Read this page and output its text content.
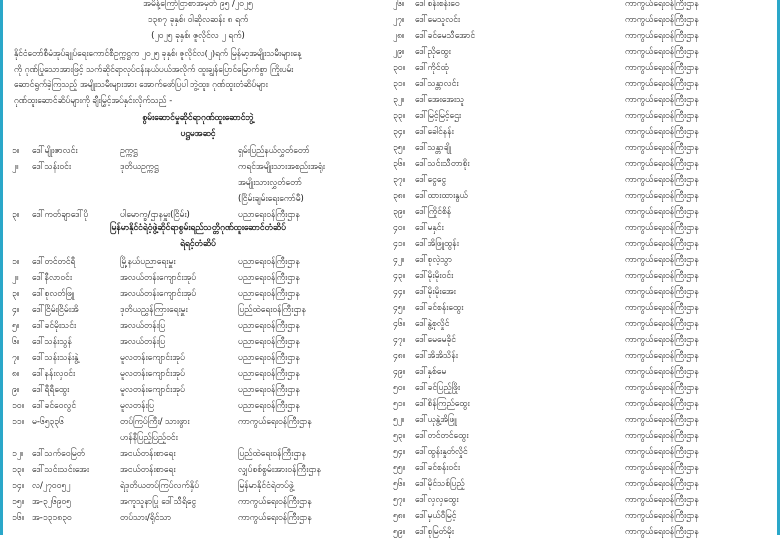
အမိန့်ကြော်ငြာစာအမှတ် ၉၅ /၂၀၂၅
၁၃၈၇ ခုနှစ်၊ ဝါဆိုလဆန်း ၈ ရက်
(၂၀၂၅ ခုနှစ်၊ ဇူလိုင်လ ၂ ရက်)
နိုင်ငံတော်စီမံအုပ်ချုပ်ရေးကောင်စီဥက္ကဋ္ဌက ၂၀၂၅ ခုနှစ်၊ ဇူလိုင်လ(၂)ရက် မြန်မာ့အမျိုးသမီးများနေ့
ကို ဂုဏ်ပြုသောအားဖြင့် သက်ဆိုင်ရာလုပ်ငန်းနယ်ပယ်အလိုက် ထူးချွန်ပြောင်မြောက်စွာ ကြိုးပမ်း
ဆောင်ရွက်ခဲ့ကြသည့် အမျိုးသမီးများအား အောက်ဖော်ပြပါ ဘွဲ့ထူး၊ ဂုဏ်ထူးတံဆိပ်များ
ဂုဏ်ထူးဆောင်ဆိပ်များကို ချီးမြှင့်အပ်နှင်းလိုက်သည် -
စွမ်းဆောင်မှုဆိုင်ရာဂုဏ်ထူးဆောင်ဘွဲ့
ပဋ္ဌမအဆင့်
၁။ ဒေါ်မျိုးဇာလင်း	ဥက္ကဋ္ဌ	ရှမ်းပြည်နယ်လွှတ်တော်
၂။ ဒေါ်သန်းဝင်း	ဒုတိယဥက္ကဋ္ဌ	ကရင်အမျိုးသားအစည်းအရုံး
အမျိုးသားလွှတ်တော်
(ငြိမ်းချမ်းရေးကော်မီ)
၃။ ဒေါ်ကတ်ချာဒေါ်ပို	ပါမောက္ခ/ဌာနမှူး(ငြိမ်း)	ပညာရေးဝန်ကြီးဌာန
မြန်မာနိုင်ငံရဲဝံ့ဖွဲ့ဆိုင်ရာစွမ်းရည်သတ္တိဂုဏ်ထူးဆောင်တံဆိပ်
ရဲရင့်တံဆိပ်
၁။ ဒေါ်တင်တင်ရီ	မြို့နယ်ပညာရေးမှူး	ပညာရေးဝန်ကြီးဌာန
၂။ ဒေါ်နီလာဝင်း	အလယ်တန်းကျောင်းအုပ်	ပညာရေးဝန်ကြီးဌာန
၃။ ဒေါ်စုလတ်ဖြူ	အလယ်တန်းကျောင်းအုပ်	ပညာရေးဝန်ကြီးဌာန
၄။ ဒေါ်ငြိမ်းငြိမ်းအိ	ဒုတိယညွှန်ကြားရေးမှူး	ပြည်ထဲရေးဝန်ကြီးဌာန
၅။ ဒေါ်ခင်မိုးသင်း	အလယ်တန်းပြ	ပညာရေးဝန်ကြီးဌာန
၆။ ဒေါ်သန်းသွန်	အလယ်တန်းပြ	ပညာရေးဝန်ကြီးဌာန
၇။ ဒေါ်သန်းသန်းနွဲ့	မူလတန်းကျောင်းအုပ်	ပညာရေးဝန်ကြီးဌာန
၈။ ဒေါ်နန်းလှဝင်း	မူလတန်းကျောင်းအုပ်	ပညာရေးဝန်ကြီးဌာန
၉။ ဒေါ်ရီရီထွေး	မူလတန်းကျောင်းအုပ်	ပညာရေးဝန်ကြီးဌာန
၁၀။ ဒေါ်ခင်ဝေလွင်	မူလတန်းပြ	ပညာရေးဝန်ကြီးဌာန
၁၁။ မ-၆၅၃၃၆	တပ်ကြပ်ကြီး/ သားဖွား	ကာကွယ်ရေးဝန်ကြီးဌာန
ဟန်နီပြည့်ပြည့်ဝင်း
၁၂။ ဒေါ်သက်ဝေမြတ်	အငယ်တန်းစာရေး	ပြည်ထဲရေးဝန်ကြီးဌာန
၁၃။ ဒေါ်သင်းသင်းအေး	အငယ်တန်းစာရေး	လျှပ်စစ်စွမ်းအားဝန်ကြီးဌာန
၁၄။ လ/၂၇၀၀၅၂	ရဲဒုတိယတပ်ကြပ်လက်နှိပ်	မြန်မာနိုင်ငံရဲတပ်ဖွဲ့
၁၅။ အ-၃၂၆၉၀၅	အကူသူနာပြု ဒေါ်သီရိငွေ	ကာကွယ်ရေးဝန်ကြီးဌာန
၁၆။ အ-၁၃၁၈၃၀	တပ်သား/ရိုင်သာ	ကာကွယ်ရေးဝန်ကြီးဌာန
၂၆။ ဒေါ်စန်းစန်းဝေ	ကာကွယ်ရေးဝန်ကြီးဌာန
၂၇။ ဒေါ်မေသူလင်း	ကာကွယ်ရေးဝန်ကြီးဌာန
၂၈။ ဒေါ်ခင်မေသီအောင်	ကာကွယ်ရေးဝန်ကြီးဌာန
၂၉။ ဒေါ်ညိုထွေး	ကာကွယ်ရေးဝန်ကြီးဌာန
၃၀။ ဒေါ်ကိုင်ထုံ	ကာကွယ်ရေးဝန်ကြီးဌာန
၃၁။ ဒေါ်သန္တာလင်း	ကာကွယ်ရေးဝန်ကြီးဌာန
၃၂။ ဒေါ်အေးအေးသူ	ကာကွယ်ရေးဝန်ကြီးဌာန
၃၃။ ဒေါ်မြင့်မြင့်ဌေး	ကာကွယ်ရေးဝန်ကြီးဌာန
၃၄။ ဒေါ်ခေါင်နန်း	ကာကွယ်ရေးဝန်ကြီးဌာန
၃၅။ ဒေါ်သန္တာချို	ကာကွယ်ရေးဝန်ကြီးဌာန
၃၆။ ဒေါ်သင်းသီတာစိုး	ကာကွယ်ရေးဝန်ကြီးဌာန
၃၇။ ဒေါ်ငွေငွေ	ကာကွယ်ရေးဝန်ကြီးဌာန
၃၈။ ဒေါ်ထားထားနွယ်	ကာကွယ်ရေးဝန်ကြီးဌာန
၃၉။ ဒေါ်ကြိုင်စိန်	ကာကွယ်ရေးဝန်ကြီးဌာန
၄၀။ ဒေါ်မနှင်း	ကာကွယ်ရေးဝန်ကြီးဌာန
၄၁။ ဒေါ်အိဖြူထွန်း	ကာကွယ်ရေးဝန်ကြီးဌာန
၄၂။ ဒေါ်စုလဲ့သွာ	ကာကွယ်ရေးဝန်ကြီးဌာန
၄၃။ ဒေါ်မိုးမိုးဝင်း	ကာကွယ်ရေးဝန်ကြီးဌာန
၄၄။ ဒေါ်မိုးမိုးအေး	ကာကွယ်ရေးဝန်ကြီးဌာန
၄၅။ ဒေါ်ခင်စန်းထွေး	ကာကွယ်ရေးဝန်ကြီးဌာန
၄၆။ ဒေါ်နွဲ့စုလှိုင်	ကာကွယ်ရေးဝန်ကြီးဌာန
၄၇။ ဒေါ်မေမေခိုင်	ကာကွယ်ရေးဝန်ကြီးဌာန
၄၈။ ဒေါ်အိအိသိန်း	ကာကွယ်ရေးဝန်ကြီးဌာန
၄၉။ ဒေါ်နှစ်မေ	ကာကွယ်ရေးဝန်ကြီးဌာန
၅၀။ ဒေါ်ခင်ပြည့်ဖြိုး	ကာကွယ်ရေးဝန်ကြီးဌာန
၅၁။ ဒေါ်စိန်ကြည်ထွေး	ကာကွယ်ရေးဝန်ကြီးဌာန
၅၂။ ဒေါ်ယုနွဲ့အိဖြူ	ကာကွယ်ရေးဝန်ကြီးဌာန
၅၃။ ဒေါ်တင်တင်ထွေး	ကာကွယ်ရေးဝန်ကြီးဌာန
၅၄။ ဒေါ်ထွန်းနှုတ်လှိုင်	ကာကွယ်ရေးဝန်ကြီးဌာန
၅၅။ ဒေါ်ခင်စန်းဝင်း	ကာကွယ်ရေးဝန်ကြီးဌာန
၅၆။ ဒေါ်မိုင်သစ်ပြည့်	ကာကွယ်ရေးဝန်ကြီးဌာန
၅၇။ ဒေါ်လှလှထွေး	ကာကွယ်ရေးဝန်ကြီးဌာန
၅၈။ ဒေါ်မှယ်ဝီမြင့်	ကာကွယ်ရေးဝန်ကြီးဌာန
၅၉။ ဒေါ်စုမြတ်မိုး	ကာကွယ်ရေးဝန်ကြီးဌာန
